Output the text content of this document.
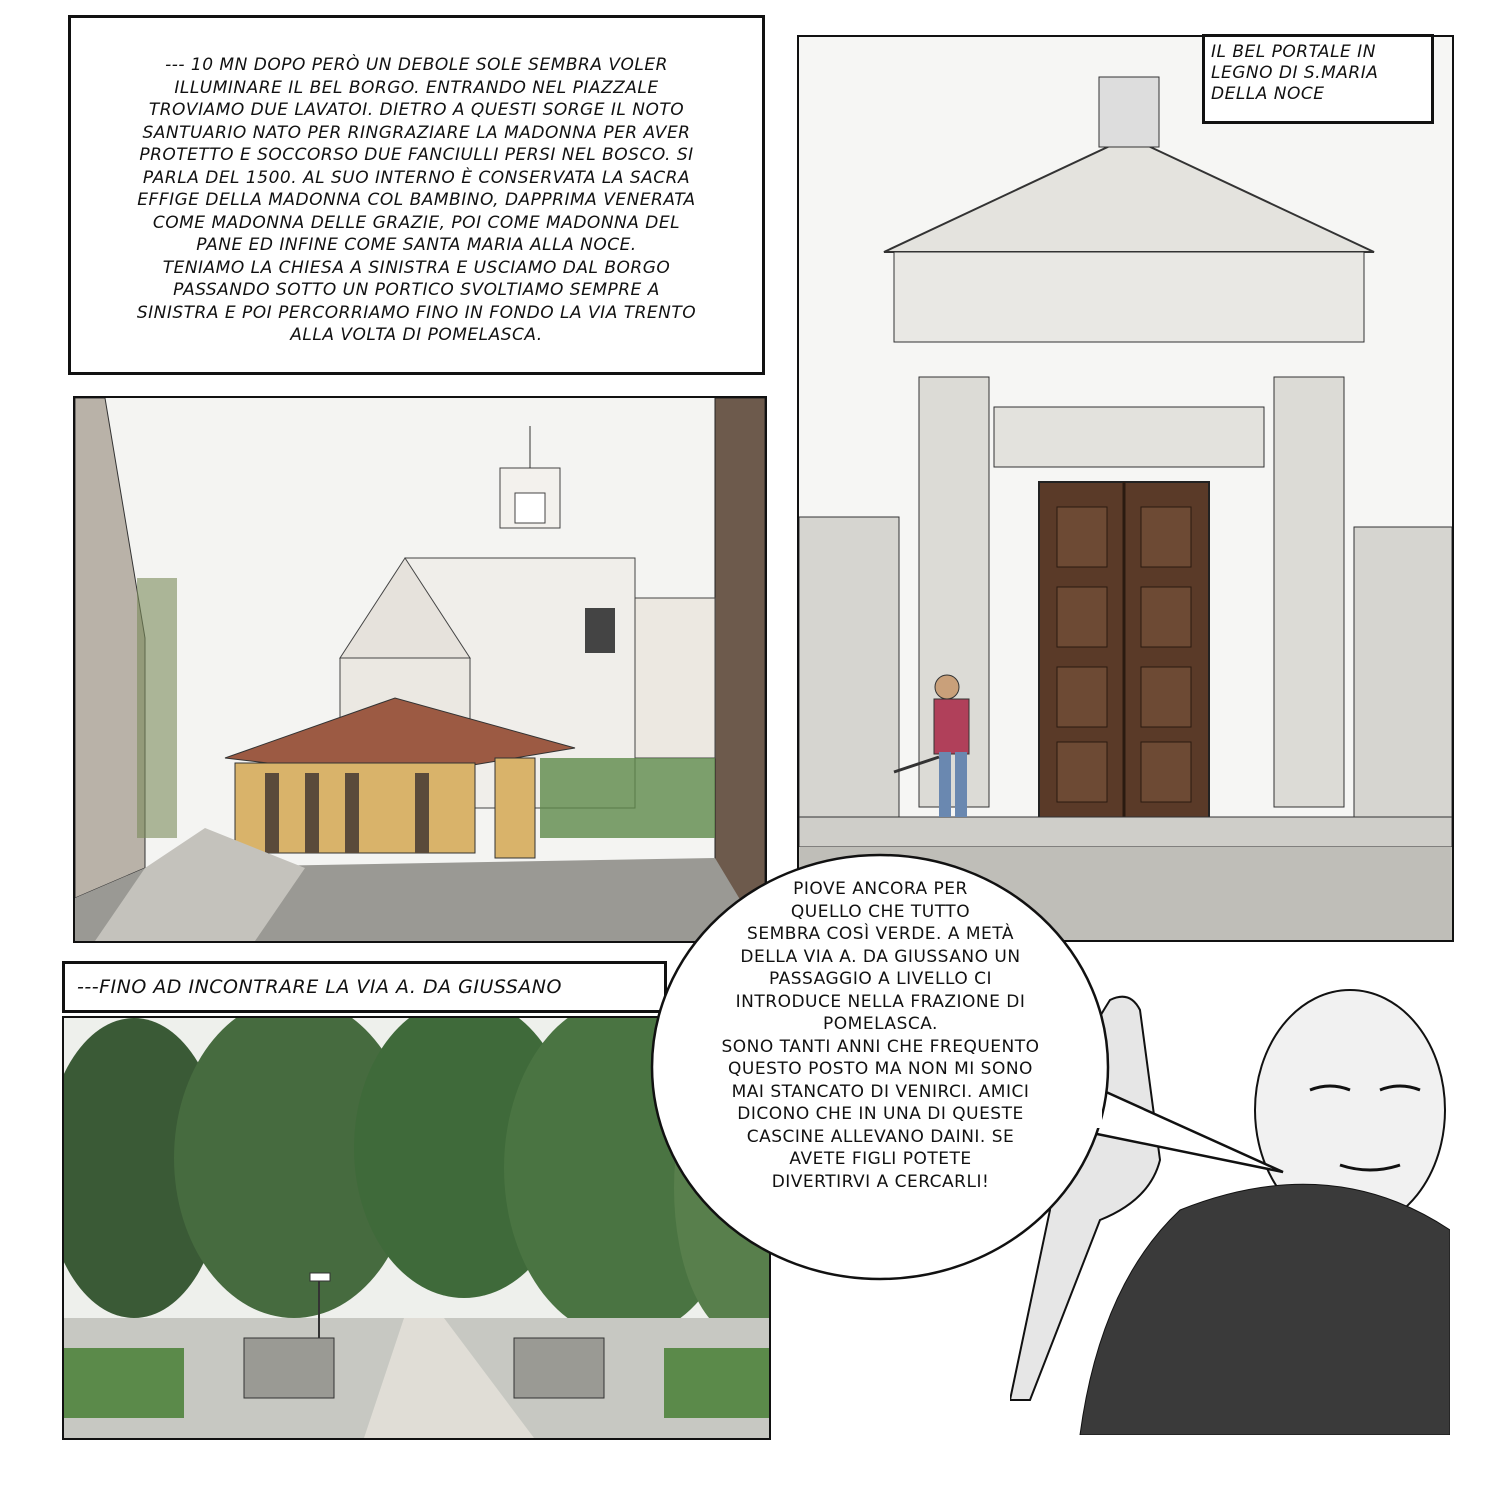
--- 10 MN DOPO PERÒ UN DEBOLE SOLE SEMBRA VOLER
ILLUMINARE IL BEL BORGO. ENTRANDO NEL PIAZZALE
TROVIAMO DUE LAVATOI. DIETRO A QUESTI SORGE IL NOTO
SANTUARIO NATO PER RINGRAZIARE LA MADONNA PER AVER
PROTETTO E SOCCORSO DUE FANCIULLI PERSI NEL BOSCO. SI
PARLA DEL 1500. AL SUO INTERNO È CONSERVATA LA SACRA
EFFIGE DELLA MADONNA COL BAMBINO, DAPPRIMA VENERATA
COME MADONNA DELLE GRAZIE, POI COME MADONNA DEL
PANE ED INFINE COME SANTA MARIA ALLA NOCE.
TENIAMO LA CHIESA A SINISTRA E USCIAMO DAL BORGO
PASSANDO SOTTO UN PORTICO SVOLTIAMO SEMPRE A
SINISTRA E POI PERCORRIAMO FINO IN FONDO LA VIA TRENTO
ALLA VOLTA DI POMELASCA.
IL BEL PORTALE IN
LEGNO DI S.MARIA
DELLA NOCE
---FINO AD INCONTRARE LA VIA A. DA GIUSSANO
PIOVE ANCORA PER
QUELLO CHE TUTTO
SEMBRA COSÌ VERDE. A METÀ
DELLA VIA A. DA GIUSSANO UN
PASSAGGIO A LIVELLO CI
INTRODUCE NELLA FRAZIONE DI
POMELASCA.
SONO TANTI ANNI CHE FREQUENTO
QUESTO POSTO MA NON MI SONO
MAI STANCATO DI VENIRCI. AMICI
DICONO CHE IN UNA DI QUESTE
CASCINE ALLEVANO DAINI. SE
AVETE FIGLI POTETE
DIVERTIRVI A CERCARLI!
